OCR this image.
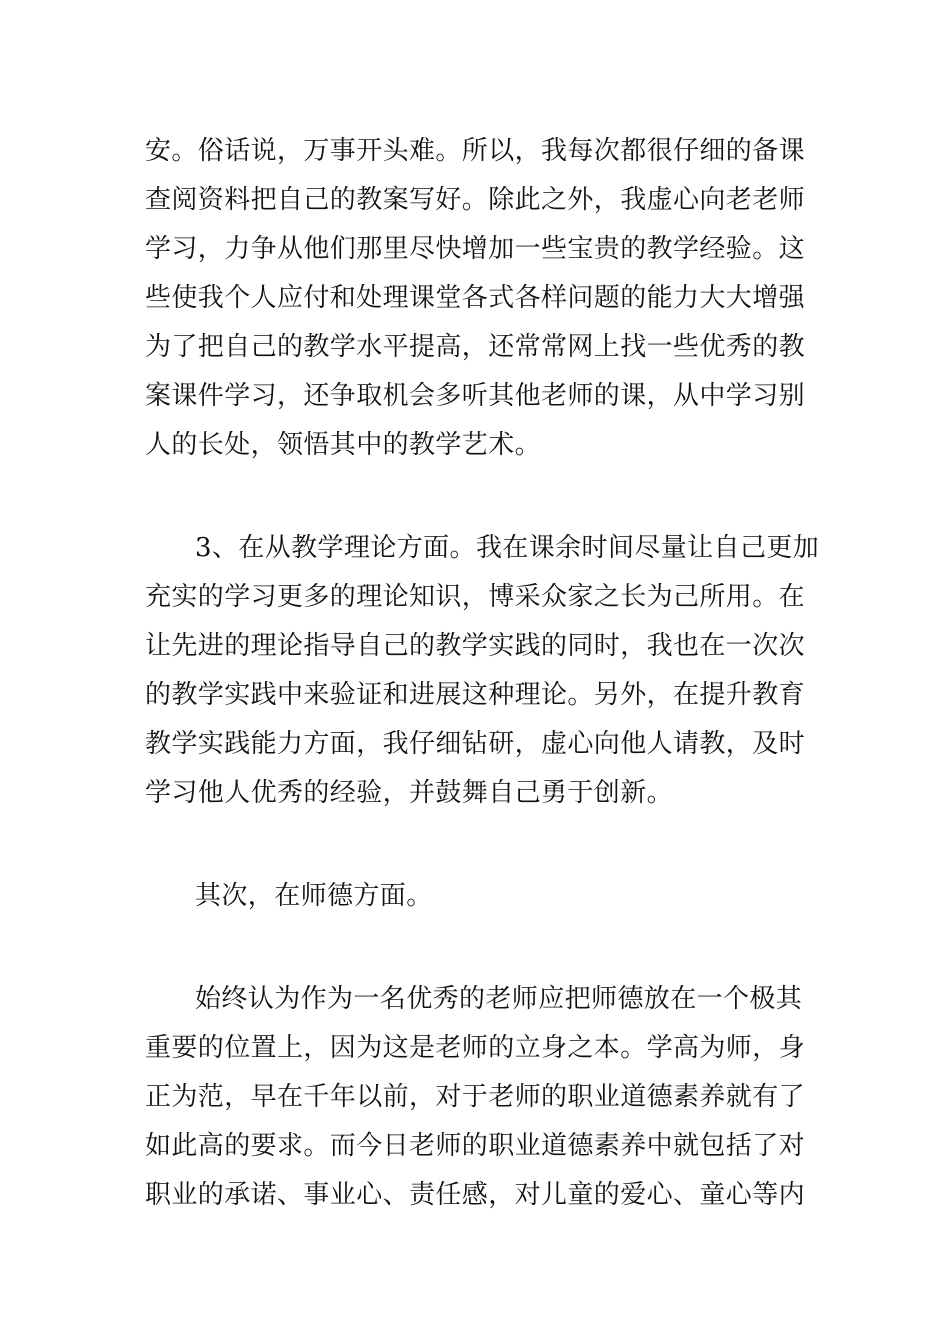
安。俗话说，万事开头难。所以，我每次都很仔细的备课
查阅资料把自己的教案写好。除此之外，我虚心向老老师
学习，力争从他们那里尽快增加一些宝贵的教学经验。这
些使我个人应付和处理课堂各式各样问题的能力大大增强
为了把自己的教学水平提高，还常常网上找一些优秀的教
案课件学习，还争取机会多听其他老师的课，从中学习别
人的长处，领悟其中的教学艺术。
3、在从教学理论方面。我在课余时间尽量让自己更加
充实的学习更多的理论知识，博采众家之长为己所用。在
让先进的理论指导自己的教学实践的同时，我也在一次次
的教学实践中来验证和进展这种理论。另外，在提升教育
教学实践能力方面，我仔细钻研，虚心向他人请教，及时
学习他人优秀的经验，并鼓舞自己勇于创新。
其次，在师德方面。
始终认为作为一名优秀的老师应把师德放在一个极其
重要的位置上，因为这是老师的立身之本。学高为师，身
正为范，早在千年以前，对于老师的职业道德素养就有了
如此高的要求。而今日老师的职业道德素养中就包括了对
职业的承诺、事业心、责任感，对儿童的爱心、童心等内
